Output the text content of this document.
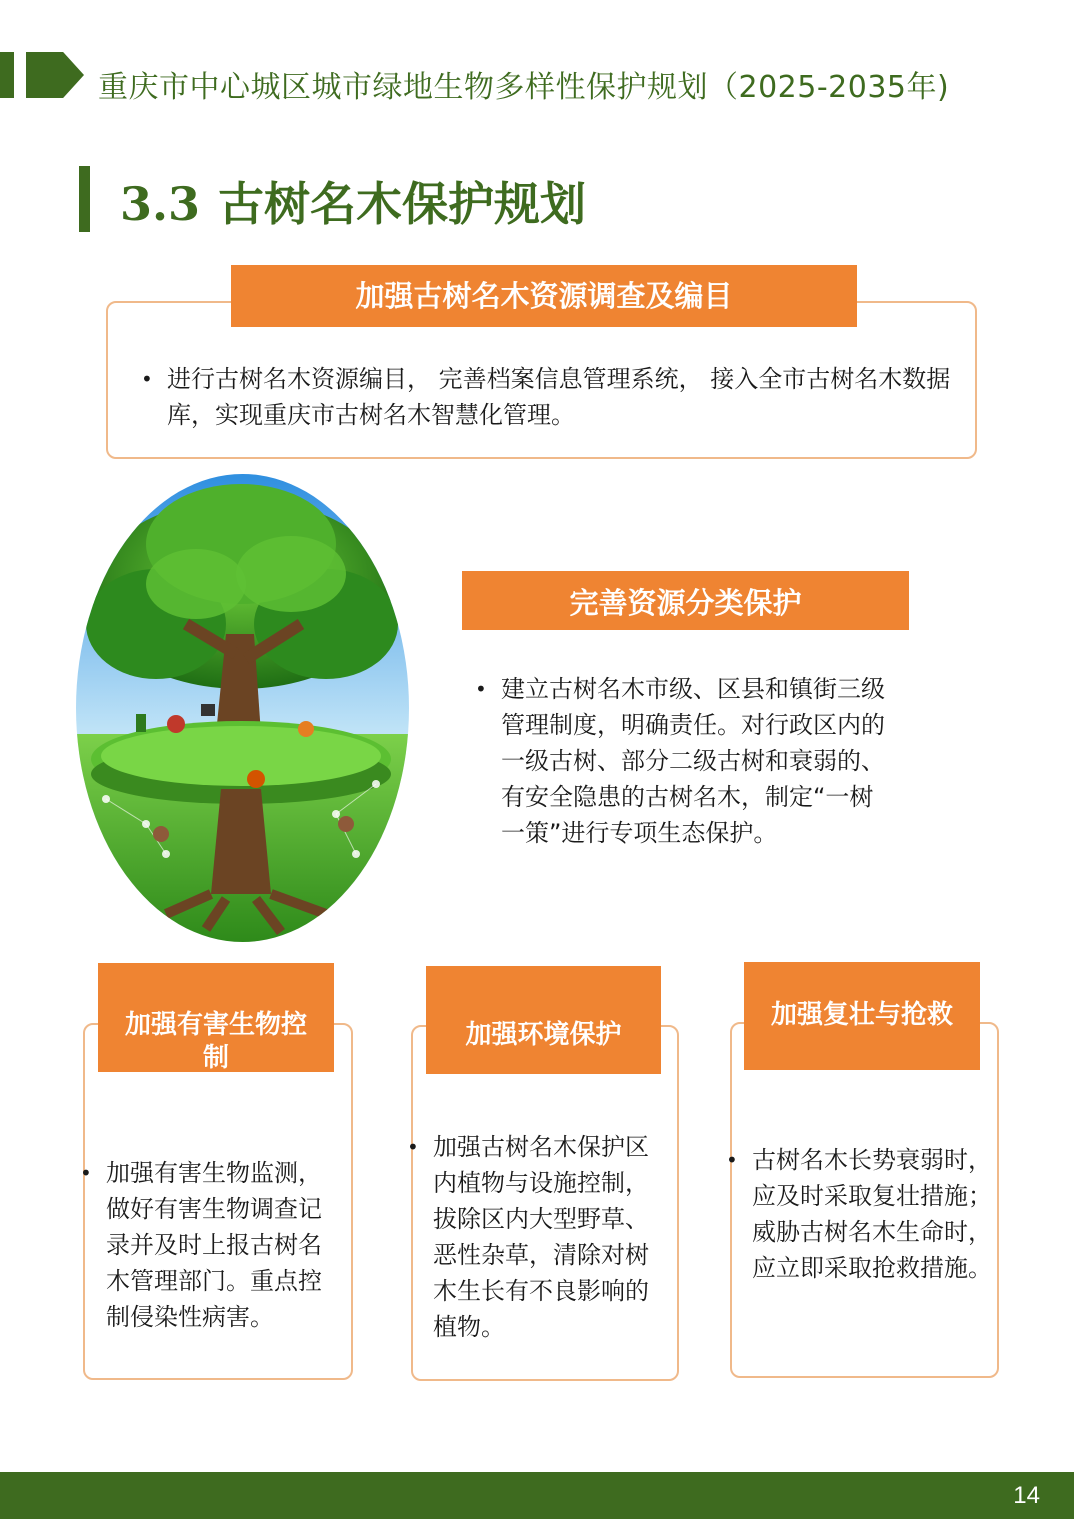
重庆市中心城区城市绿地生物多样性保护规划（2025-2035年)
3.3 古树名木保护规划
加强古树名木资源调查及编目
• 进行古树名木资源编目， 完善档案信息管理系统， 接入全市古树名木数据库，实现重庆市古树名木智慧化管理。
完善资源分类保护
• 建立古树名木市级、区县和镇街三级管理制度，明确责任。对行政区内的一级古树、部分二级古树和衰弱的、有安全隐患的古树名木，制定“一树一策”进行专项生态保护。
加强有害生物控制
• 加强有害生物监测，做好有害生物调查记录并及时上报古树名木管理部门。重点控制侵染性病害。
加强环境保护
• 加强古树名木保护区内植物与设施控制，拔除区内大型野草、恶性杂草，清除对树木生长有不良影响的植物。
加强复壮与抢救
• 古树名木长势衰弱时，应及时采取复壮措施；威胁古树名木生命时，应立即采取抢救措施。
14
